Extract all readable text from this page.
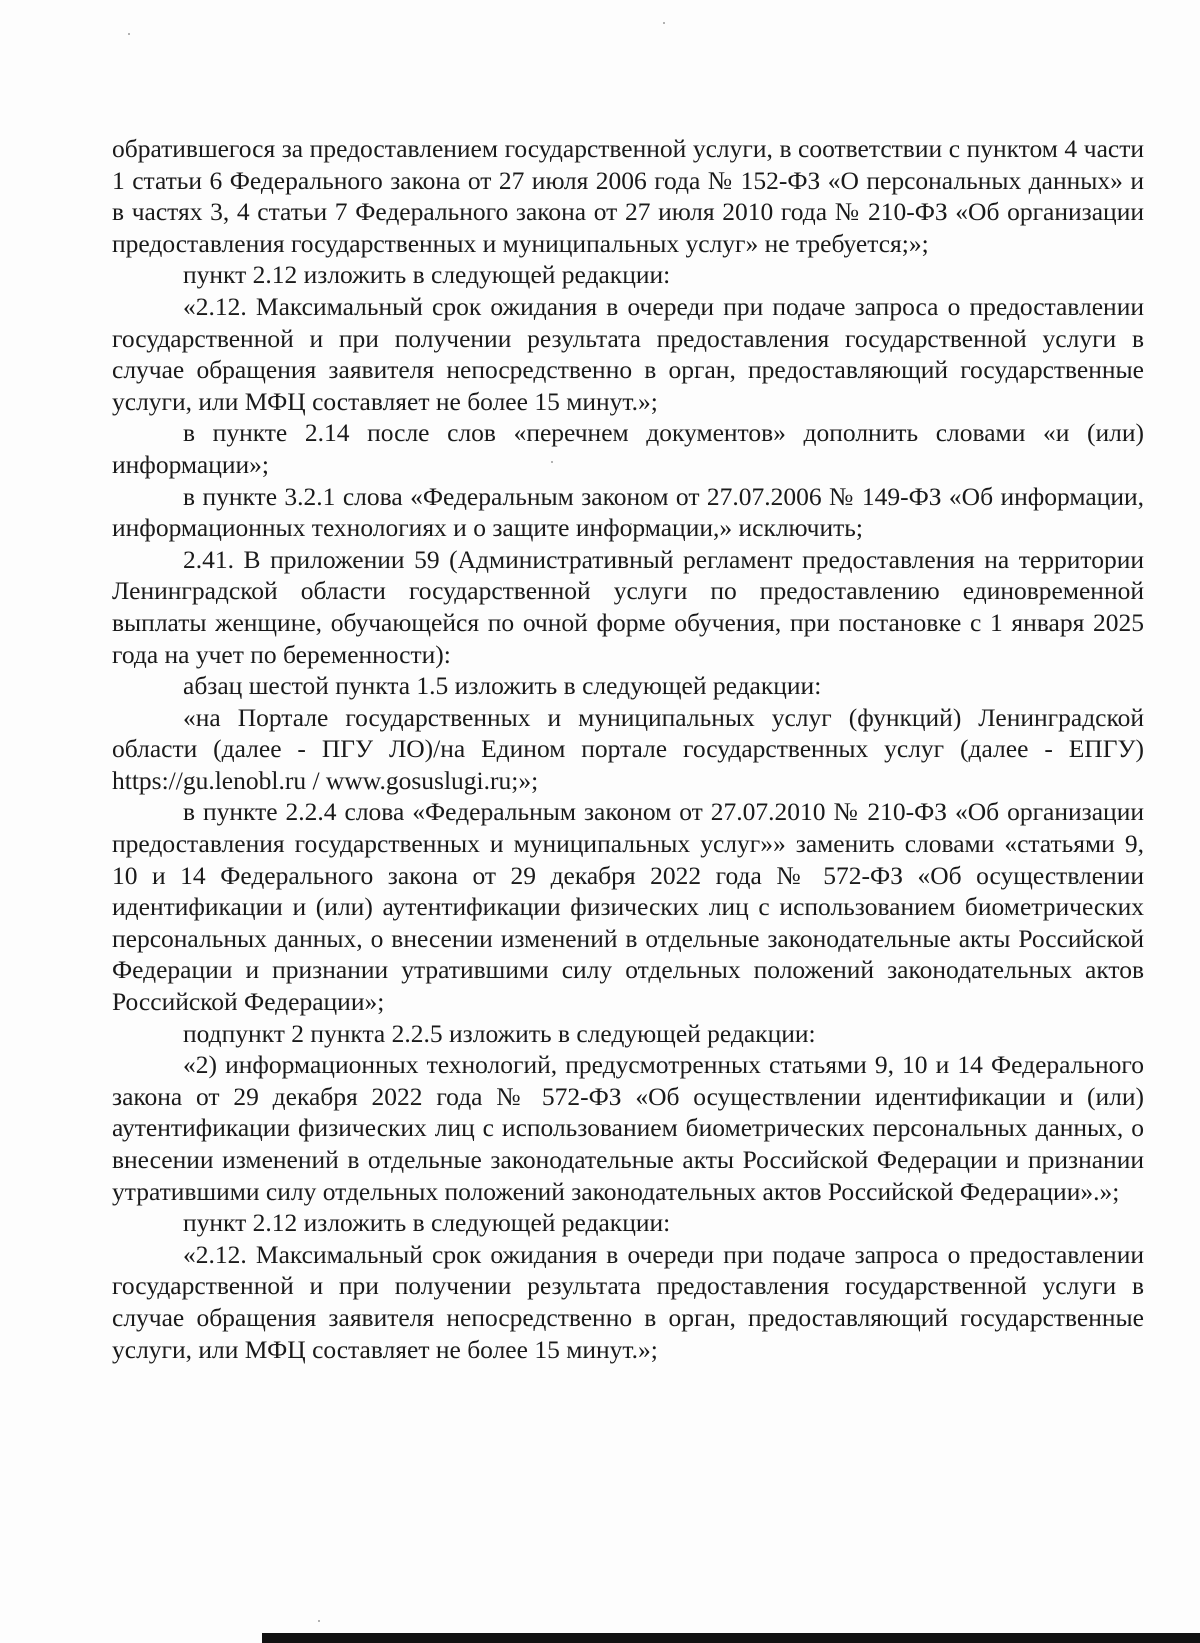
обратившегося за предоставлением государственной услуги, в соответствии с пунктом 4 части 1 статьи 6 Федерального закона от 27 июля 2006 года № 152-ФЗ «О персональных данных» и в частях 3, 4 статьи 7 Федерального закона от 27 июля 2010 года № 210-ФЗ «Об организации предоставления государственных и муниципальных услуг» не требуется;»;

пункт 2.12 изложить в следующей редакции:

«2.12. Максимальный срок ожидания в очереди при подаче запроса о предоставлении государственной и при получении результата предоставления государственной услуги в случае обращения заявителя непосредственно в орган, предоставляющий государственные услуги, или МФЦ составляет не более 15 минут.»;

в пункте 2.14 после слов «перечнем документов» дополнить словами «и (или) информации»;

в пункте 3.2.1 слова «Федеральным законом от 27.07.2006 № 149-ФЗ «Об информации, информационных технологиях и о защите информации,» исключить;

2.41. В приложении 59 (Административный регламент предоставления на территории Ленинградской области государственной услуги по предоставлению единовременной выплаты женщине, обучающейся по очной форме обучения, при постановке с 1 января 2025 года на учет по беременности):

абзац шестой пункта 1.5 изложить в следующей редакции:

«на Портале государственных и муниципальных услуг (функций) Ленинградской области (далее - ПГУ ЛО)/на Едином портале государственных услуг (далее - ЕПГУ) https://gu.lenobl.ru / www.gosuslugi.ru;»;

в пункте 2.2.4 слова «Федеральным законом от 27.07.2010 № 210-ФЗ «Об организации предоставления государственных и муниципальных услуг»» заменить словами «статьями 9, 10 и 14 Федерального закона от 29 декабря 2022 года № 572-ФЗ «Об осуществлении идентификации и (или) аутентификации физических лиц с использованием биометрических персональных данных, о внесении изменений в отдельные законодательные акты Российской Федерации и признании утратившими силу отдельных положений законодательных актов Российской Федерации»;

подпункт 2 пункта 2.2.5 изложить в следующей редакции:

«2) информационных технологий, предусмотренных статьями 9, 10 и 14 Федерального закона от 29 декабря 2022 года № 572-ФЗ «Об осуществлении идентификации и (или) аутентификации физических лиц с использованием биометрических персональных данных, о внесении изменений в отдельные законодательные акты Российской Федерации и признании утратившими силу отдельных положений законодательных актов Российской Федерации».»;

пункт 2.12 изложить в следующей редакции:

«2.12. Максимальный срок ожидания в очереди при подаче запроса о предоставлении государственной и при получении результата предоставления государственной услуги в случае обращения заявителя непосредственно в орган, предоставляющий государственные услуги, или МФЦ составляет не более 15 минут.»;
